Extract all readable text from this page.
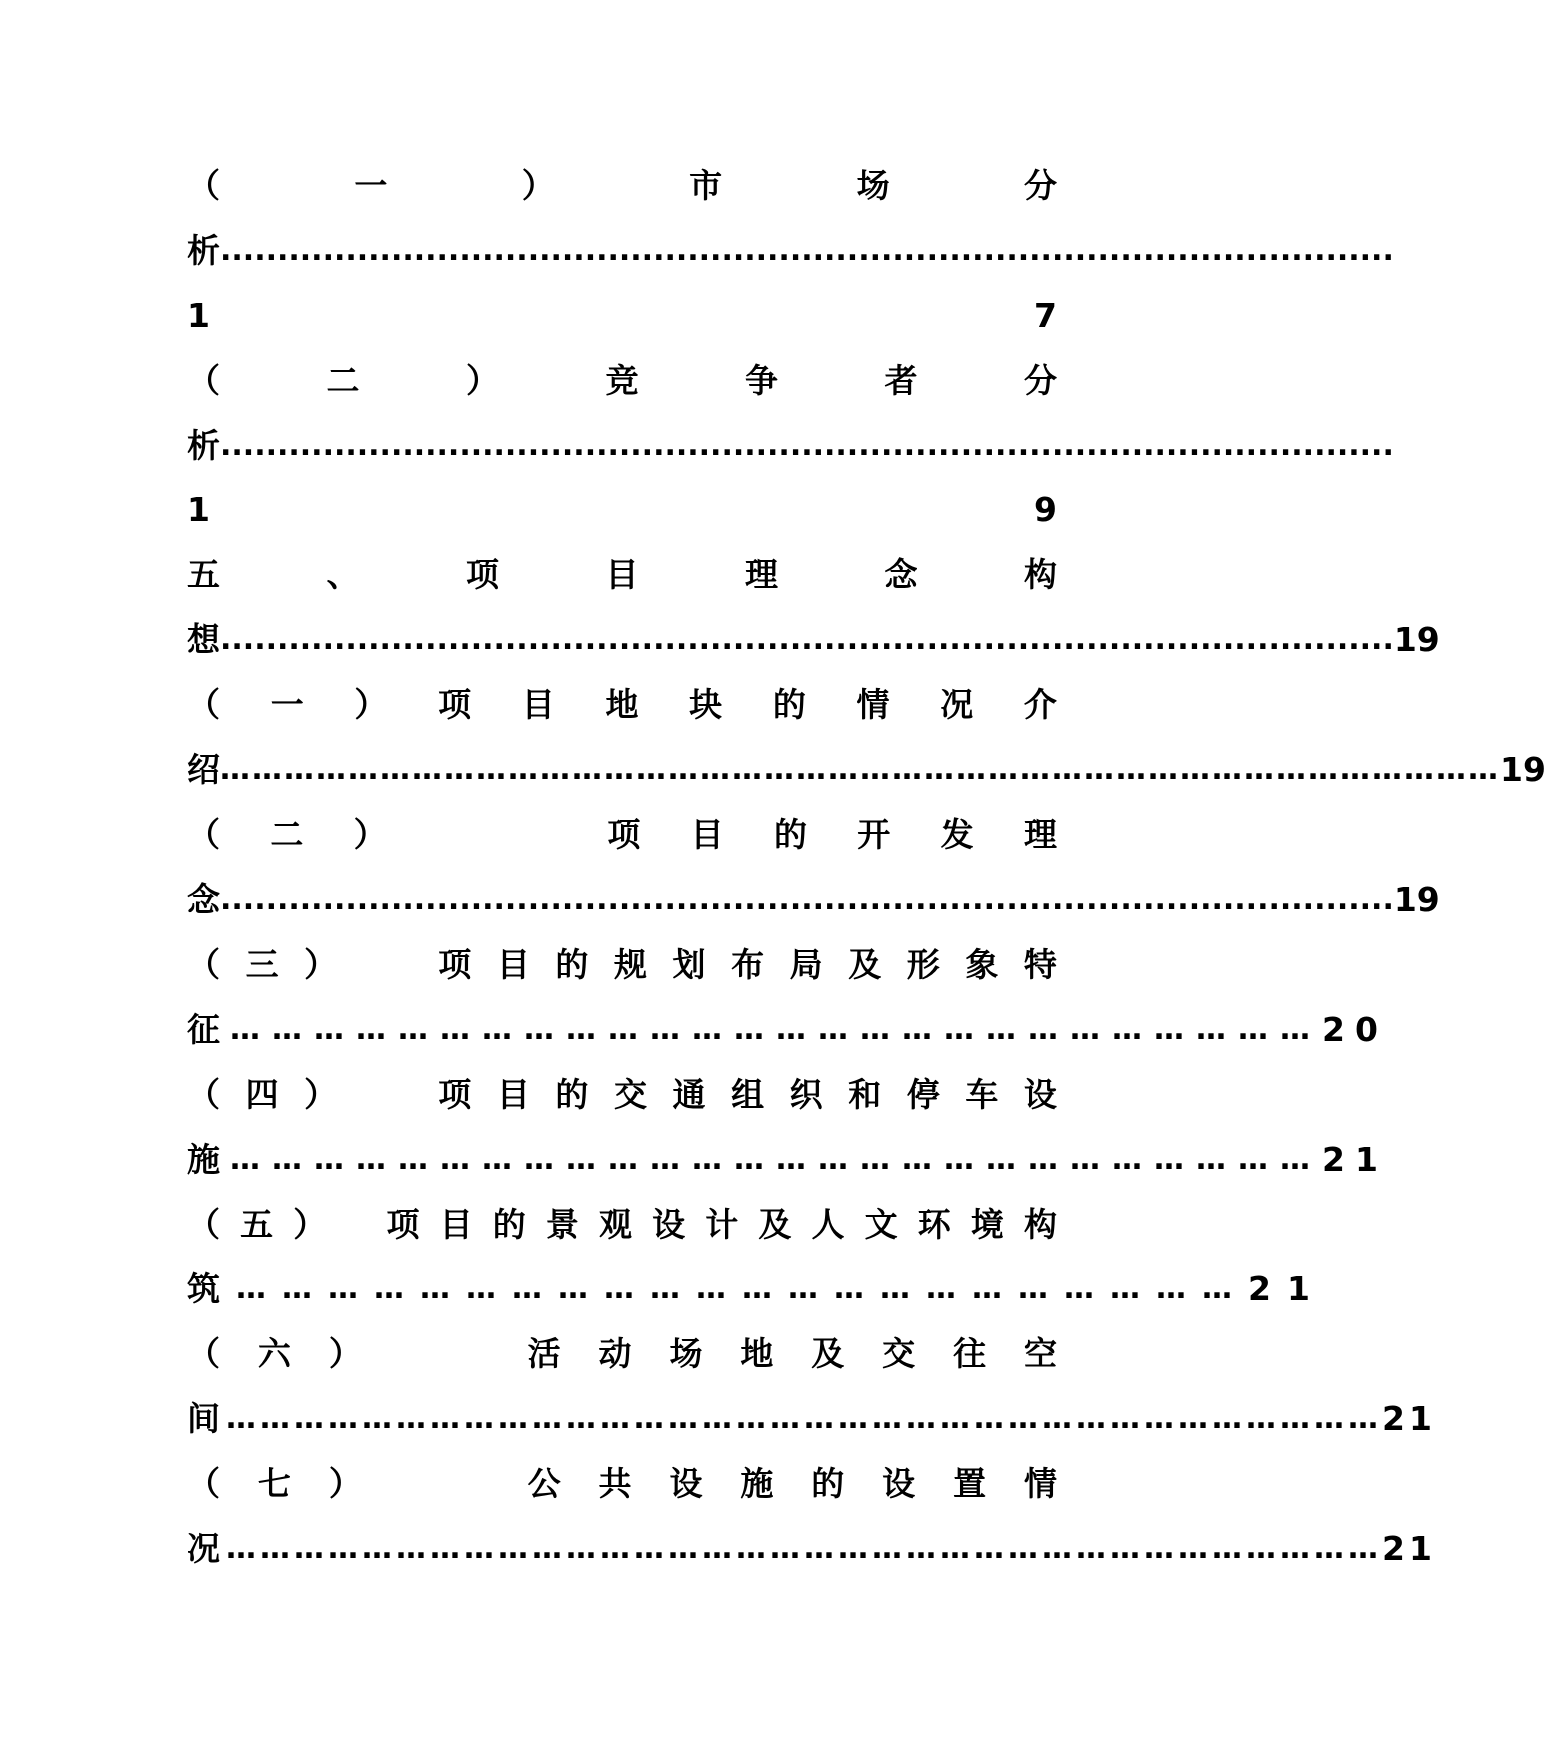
（	一	）	市	场	分
析 .......................................................................................................
1	7
（	二	）	竞	争	者	分
析 .......................................................................................................
1	9
五	、	项	目	理	念	构
想 ....................................................................................................... 19
（ 一 ） 项 目 地 块 的 情 况 介
绍 ………………………………………………………………………………………………………… 19
（ 二 ）	项 目 的 开 发 理
念 ....................................................................................................... 19
（ 三 ）	项 目 的 规 划 布 局 及 形 象 特
征 …………………………………………………………………… 20
（ 四 ）	项 目 的 交 通 组 织 和 停 车 设
施 …………………………………………………………………… 21
（ 五 ） 项 目 的 景 观 设 计 及 人 文 环 境 构
筑 ………………………………………………………… 21
（ 六 ）	活 动 场 地 及 交 往 空
间 ………………………………………………………………………………………… 21
（ 七 ）	公 共 设 施 的 设 置 情
况 ………………………………………………………………………………………… 21
